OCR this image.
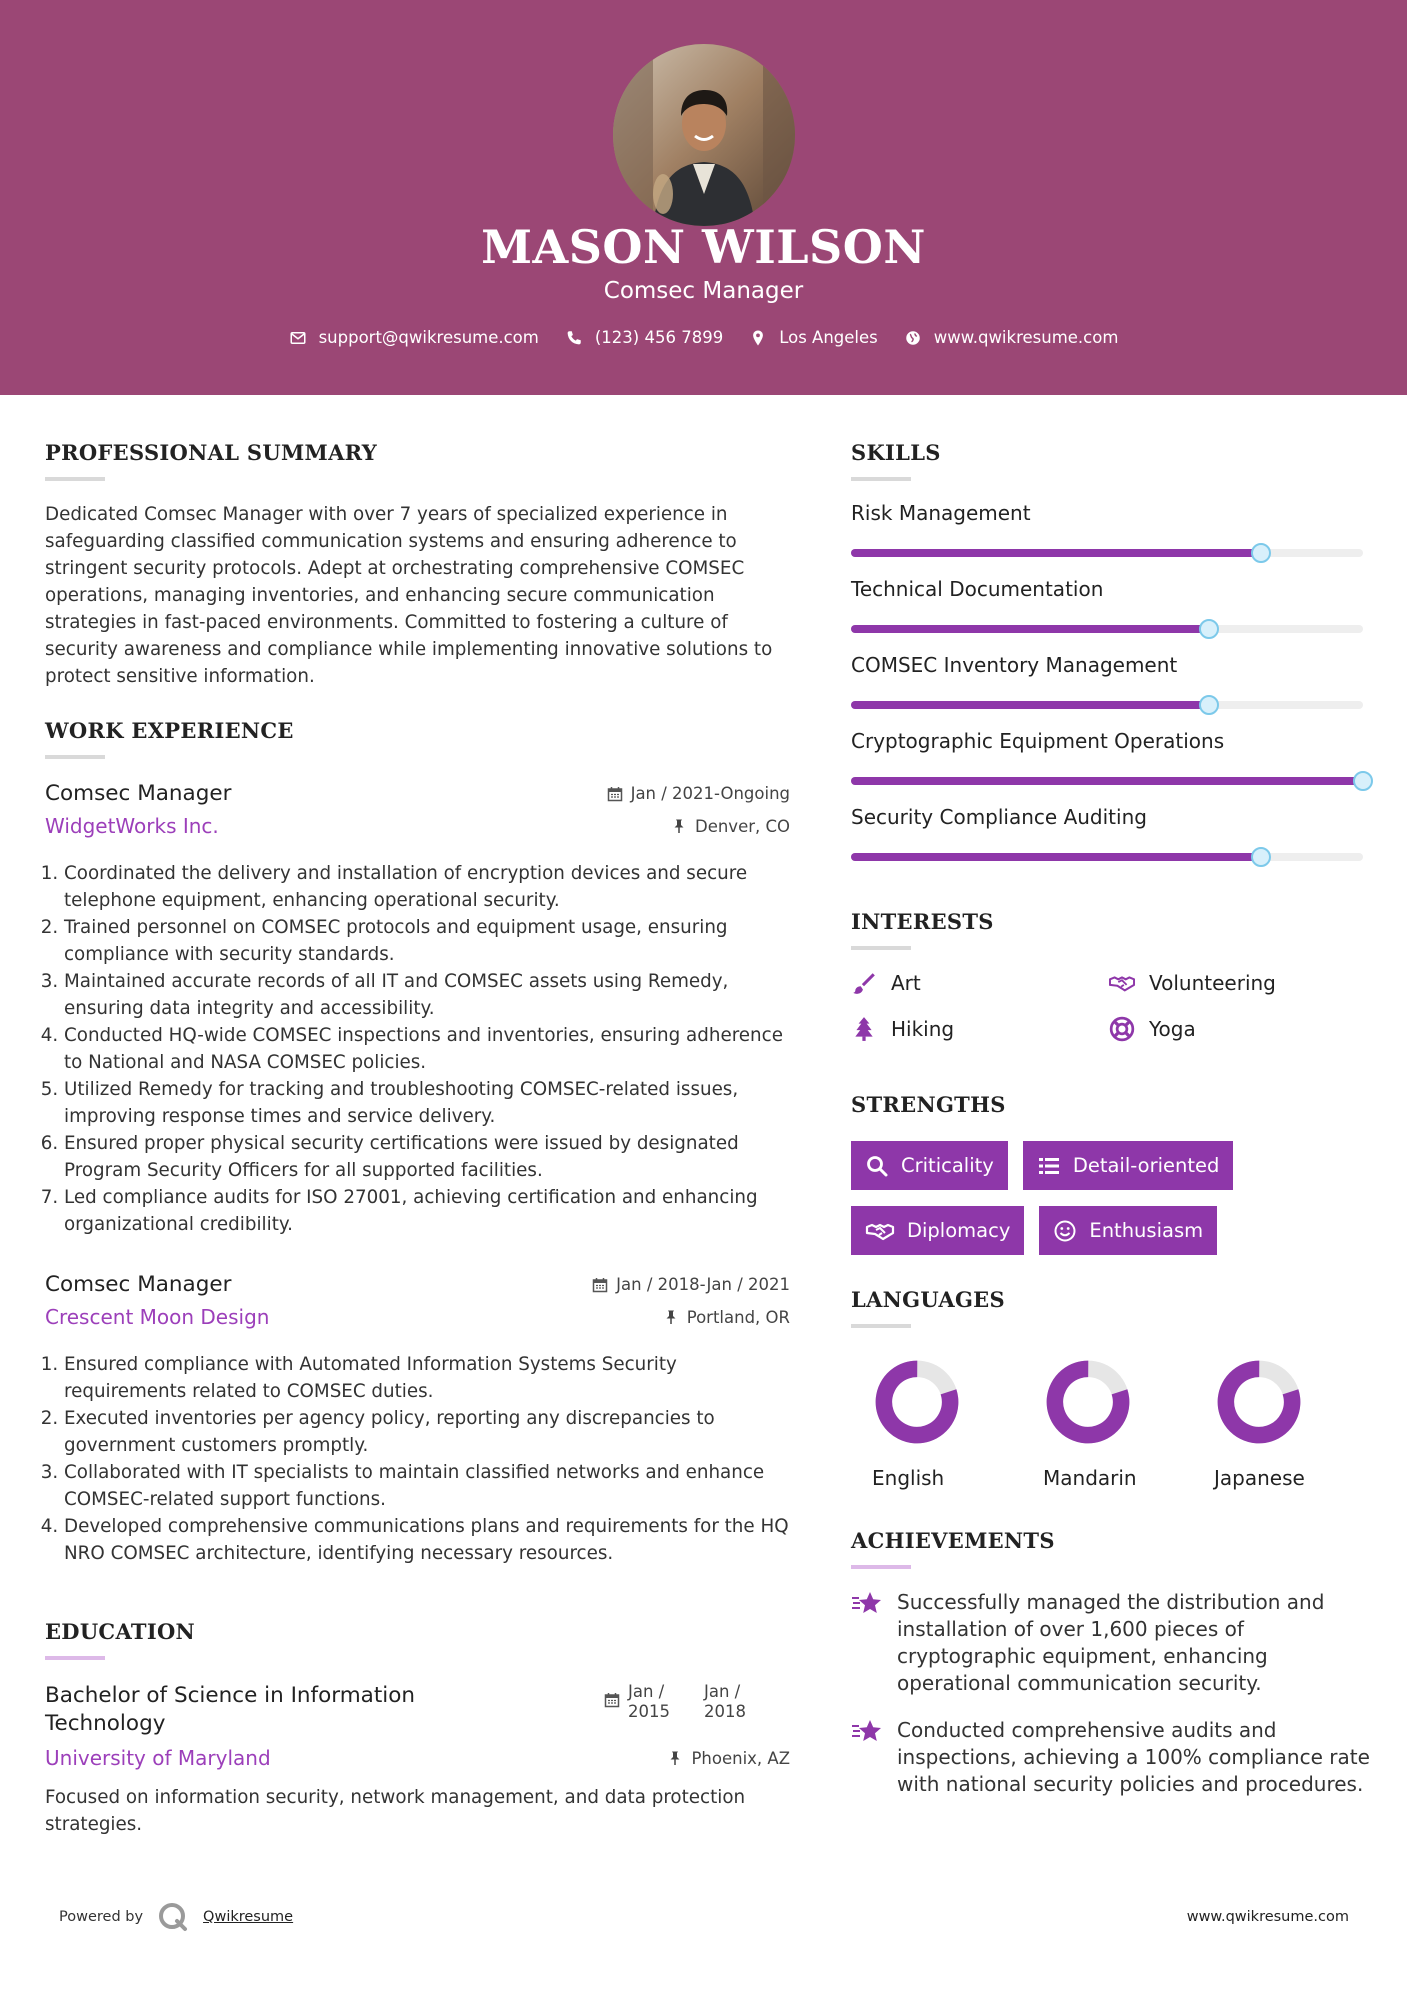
MASON WILSON
Comsec Manager
support@qwikresume.com	(123) 456 7899	Los Angeles	www.qwikresume.com
PROFESSIONAL SUMMARY

Dedicated Comsec Manager with over 7 years of specialized experience in safeguarding classified communication systems and ensuring adherence to stringent security protocols. Adept at orchestrating comprehensive COMSEC operations, managing inventories, and enhancing secure communication strategies in fast-paced environments. Committed to fostering a culture of security awareness and compliance while implementing innovative solutions to protect sensitive information.

WORK EXPERIENCE
Comsec Manager	Jan / 2021-Ongoing
WidgetWorks Inc.	Denver, CO
1. Coordinated the delivery and installation of encryption devices and secure telephone equipment, enhancing operational security.
2. Trained personnel on COMSEC protocols and equipment usage, ensuring compliance with security standards.
3. Maintained accurate records of all IT and COMSEC assets using Remedy, ensuring data integrity and accessibility.
4. Conducted HQ-wide COMSEC inspections and inventories, ensuring adherence to National and NASA COMSEC policies.
5. Utilized Remedy for tracking and troubleshooting COMSEC-related issues, improving response times and service delivery.
6. Ensured proper physical security certifications were issued by designated Program Security Officers for all supported facilities.
7. Led compliance audits for ISO 27001, achieving certification and enhancing organizational credibility.
Comsec Manager	Jan / 2018-Jan / 2021
Crescent Moon Design	Portland, OR
1. Ensured compliance with Automated Information Systems Security requirements related to COMSEC duties.
2. Executed inventories per agency policy, reporting any discrepancies to government customers promptly.
3. Collaborated with IT specialists to maintain classified networks and enhance COMSEC-related support functions.
4. Developed comprehensive communications plans and requirements for the HQ NRO COMSEC architecture, identifying necessary resources.
EDUCATION
Bachelor of Science in Information Technology
Jan /
2015
Jan /
2018
University of Maryland	Phoenix, AZ

Focused on information security, network management, and data protection strategies.

SKILLS
Risk Management
Technical Documentation
COMSEC Inventory Management
Cryptographic Equipment Operations
Security Compliance Auditing
INTERESTS
Art	Volunteering
Hiking	Yoga
STRENGTHS
Criticality	Detail-oriented
Diplomacy	Enthusiasm
LANGUAGES
English	Mandarin	Japanese
ACHIEVEMENTS
Successfully managed the distribution and installation of over 1,600 pieces of cryptographic equipment, enhancing operational communication security.
Conducted comprehensive audits and inspections, achieving a 100% compliance rate with national security policies and procedures.
Powered by	Qwikresume	www.qwikresume.com
